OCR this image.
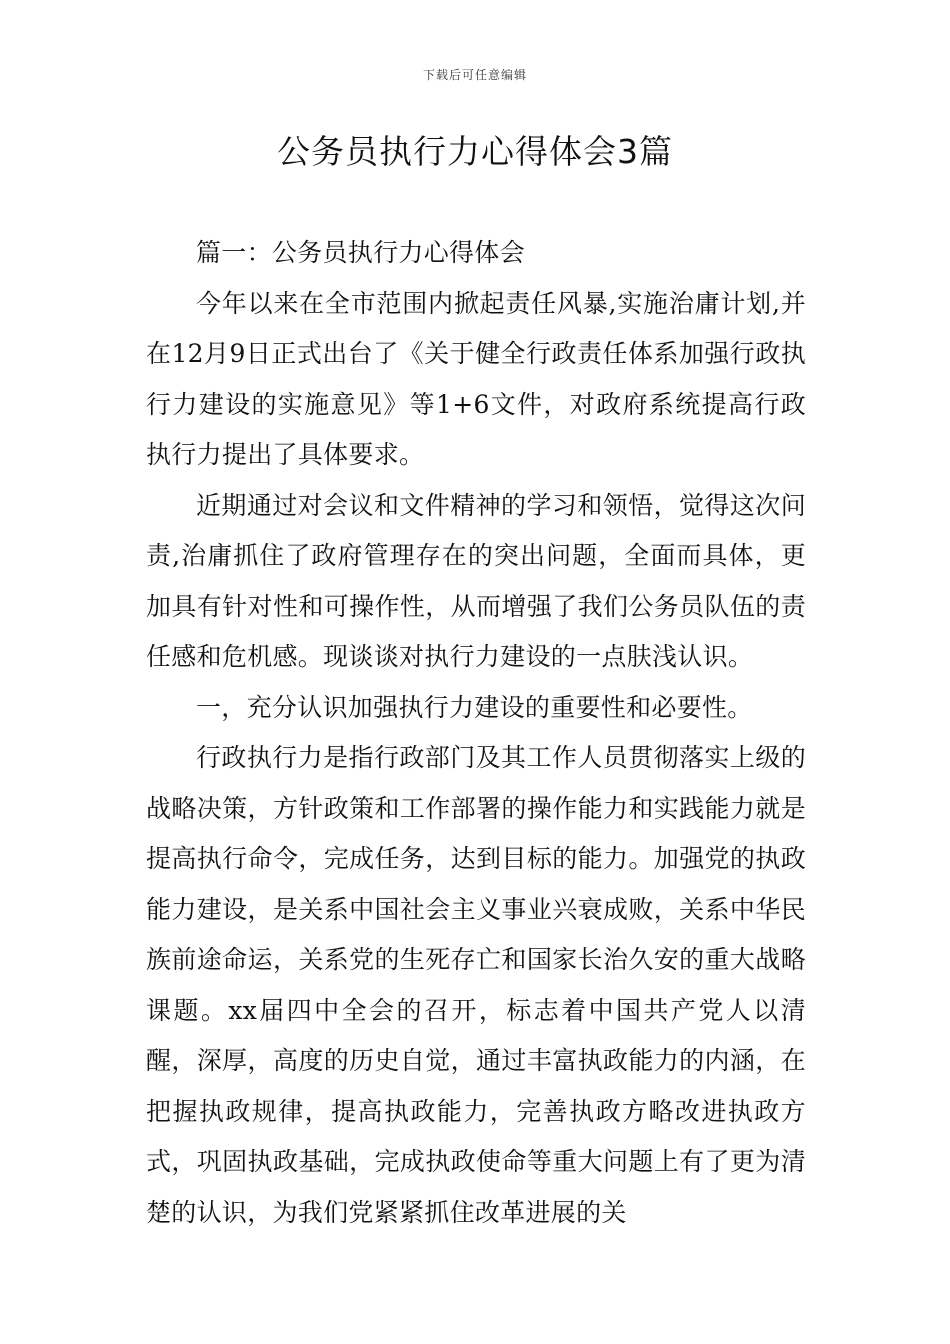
下载后可任意编辑
公务员执行力心得体会3篇

篇一：公务员执行力心得体会

今年以来在全市范围内掀起责任风暴,实施治庸计划,并在12月9日正式出台了《关于健全行政责任体系加强行政执行力建设的实施意见》等1+6文件，对政府系统提高行政执行力提出了具体要求。

近期通过对会议和文件精神的学习和领悟，觉得这次问责,治庸抓住了政府管理存在的突出问题，全面而具体，更加具有针对性和可操作性，从而增强了我们公务员队伍的责任感和危机感。现谈谈对执行力建设的一点肤浅认识。

一，充分认识加强执行力建设的重要性和必要性。

行政执行力是指行政部门及其工作人员贯彻落实上级的战略决策，方针政策和工作部署的操作能力和实践能力就是提高执行命令，完成任务，达到目标的能力。加强党的执政能力建设，是关系中国社会主义事业兴衰成败，关系中华民族前途命运，关系党的生死存亡和国家长治久安的重大战略课题。xx届四中全会的召开，标志着中国共产党人以清醒，深厚，高度的历史自觉，通过丰富执政能力的内涵，在把握执政规律，提高执政能力，完善执政方略改进执政方式，巩固执政基础，完成执政使命等重大问题上有了更为清楚的认识，为我们党紧紧抓住改革进展的关
